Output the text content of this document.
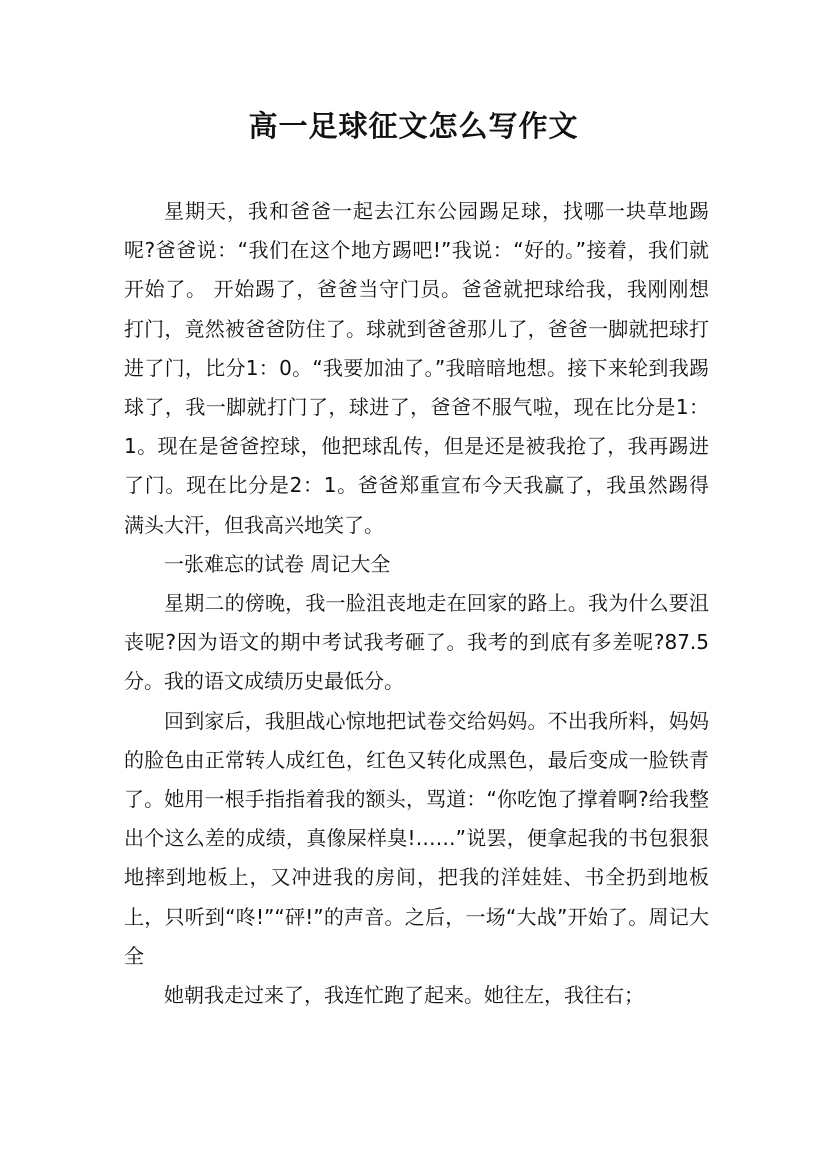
高一足球征文怎么写作文

星期天，我和爸爸一起去江东公园踢足球，找哪一块草地踢呢?爸爸说：“我们在这个地方踢吧!”我说：“好的。”接着，我们就开始了。 开始踢了，爸爸当守门员。爸爸就把球给我，我刚刚想打门，竟然被爸爸防住了。球就到爸爸那儿了，爸爸一脚就把球打进了门，比分1：0。“我要加油了。”我暗暗地想。接下来轮到我踢球了，我一脚就打门了，球进了，爸爸不服气啦，现在比分是1：1。现在是爸爸控球，他把球乱传，但是还是被我抢了，我再踢进了门。现在比分是2：1。爸爸郑重宣布今天我赢了，我虽然踢得满头大汗，但我高兴地笑了。

一张难忘的试卷 周记大全

星期二的傍晚，我一脸沮丧地走在回家的路上。我为什么要沮丧呢?因为语文的期中考试我考砸了。我考的到底有多差呢?87.5分。我的语文成绩历史最低分。

回到家后，我胆战心惊地把试卷交给妈妈。不出我所料，妈妈的脸色由正常转人成红色，红色又转化成黑色，最后变成一脸铁青了。她用一根手指指着我的额头，骂道：“你吃饱了撑着啊?给我整出个这么差的成绩，真像屎样臭!……”说罢，便拿起我的书包狠狠地摔到地板上，又冲进我的房间，把我的洋娃娃、书全扔到地板上，只听到“咚!”“砰!”的声音。之后，一场“大战”开始了。周记大全

她朝我走过来了，我连忙跑了起来。她往左，我往右；
